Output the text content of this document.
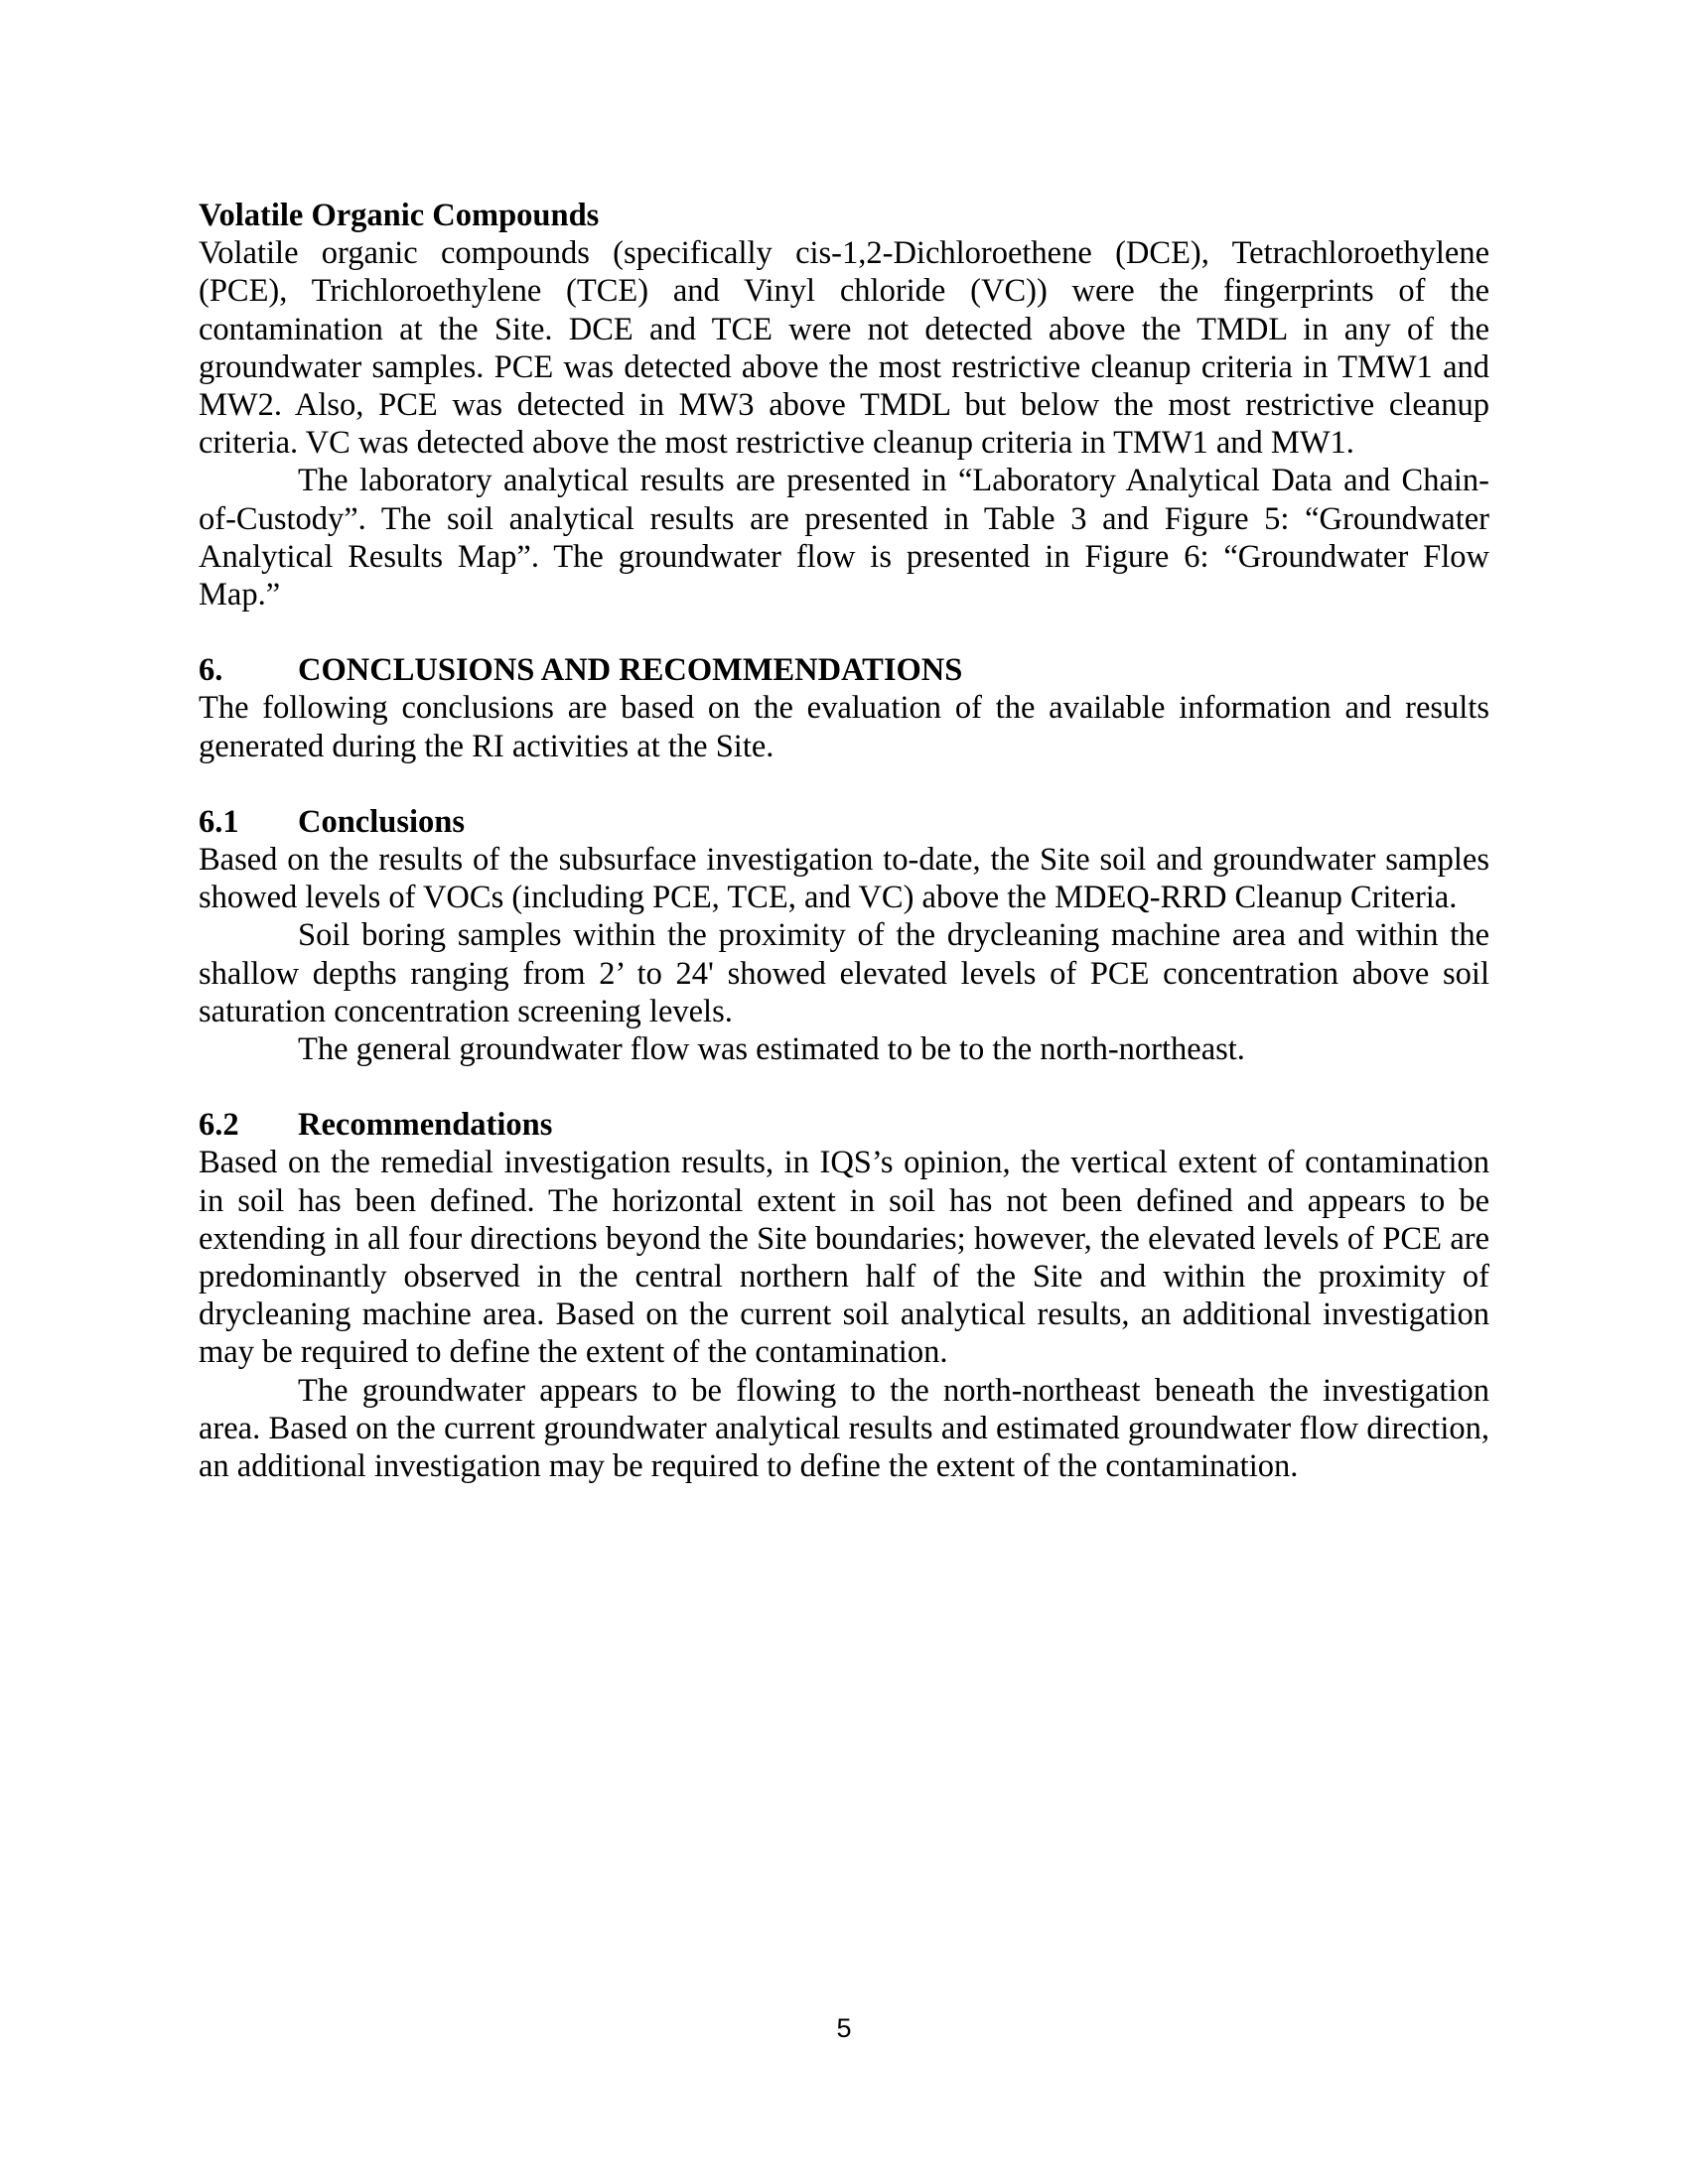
Volatile Organic Compounds

Volatile organic compounds (specifically cis-1,2-Dichloroethene (DCE), Tetrachloroethylene (PCE), Trichloroethylene (TCE) and Vinyl chloride (VC)) were the fingerprints of the contamination at the Site. DCE and TCE were not detected above the TMDL in any of the groundwater samples. PCE was detected above the most restrictive cleanup criteria in TMW1 and MW2. Also, PCE was detected in MW3 above TMDL but below the most restrictive cleanup criteria. VC was detected above the most restrictive cleanup criteria in TMW1 and MW1.

The laboratory analytical results are presented in “Laboratory Analytical Data and Chain-of-Custody”. The soil analytical results are presented in Table 3 and Figure 5: “Groundwater Analytical Results Map”. The groundwater flow is presented in Figure 6: “Groundwater Flow Map.”

6. CONCLUSIONS AND RECOMMENDATIONS

The following conclusions are based on the evaluation of the available information and results generated during the RI activities at the Site.

6.1 Conclusions

Based on the results of the subsurface investigation to-date, the Site soil and groundwater samples showed levels of VOCs (including PCE, TCE, and VC) above the MDEQ-RRD Cleanup Criteria.

Soil boring samples within the proximity of the drycleaning machine area and within the shallow depths ranging from 2’ to 24' showed elevated levels of PCE concentration above soil saturation concentration screening levels.

The general groundwater flow was estimated to be to the north-northeast.

6.2 Recommendations

Based on the remedial investigation results, in IQS’s opinion, the vertical extent of contamination in soil has been defined. The horizontal extent in soil has not been defined and appears to be extending in all four directions beyond the Site boundaries; however, the elevated levels of PCE are predominantly observed in the central northern half of the Site and within the proximity of drycleaning machine area. Based on the current soil analytical results, an additional investigation may be required to define the extent of the contamination.

The groundwater appears to be flowing to the north-northeast beneath the investigation area. Based on the current groundwater analytical results and estimated groundwater flow direction, an additional investigation may be required to define the extent of the contamination.

5
